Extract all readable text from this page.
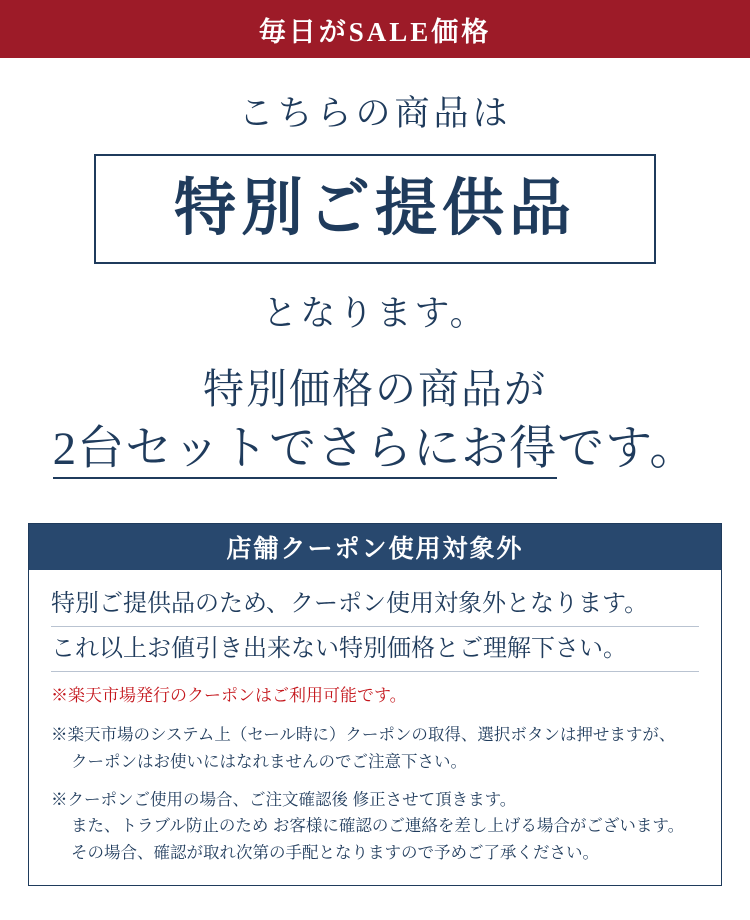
毎日がSALE価格
こちらの商品は
特別ご提供品
となります。
特別価格の商品が
2台セットでさらにお得です。
店舗クーポン使用対象外
特別ご提供品のため、クーポン使用対象外となります。
これ以上お値引き出来ない特別価格とご理解下さい。
※楽天市場発行のクーポンはご利用可能です。
※楽天市場のシステム上（セール時に）クーポンの取得、選択ボタンは押せますが、
クーポンはお使いにはなれませんのでご注意下さい。
※クーポンご使用の場合、ご注文確認後 修正させて頂きます。
また、トラブル防止のため お客様に確認のご連絡を差し上げる場合がございます。
その場合、確認が取れ次第の手配となりますので予めご了承ください。
